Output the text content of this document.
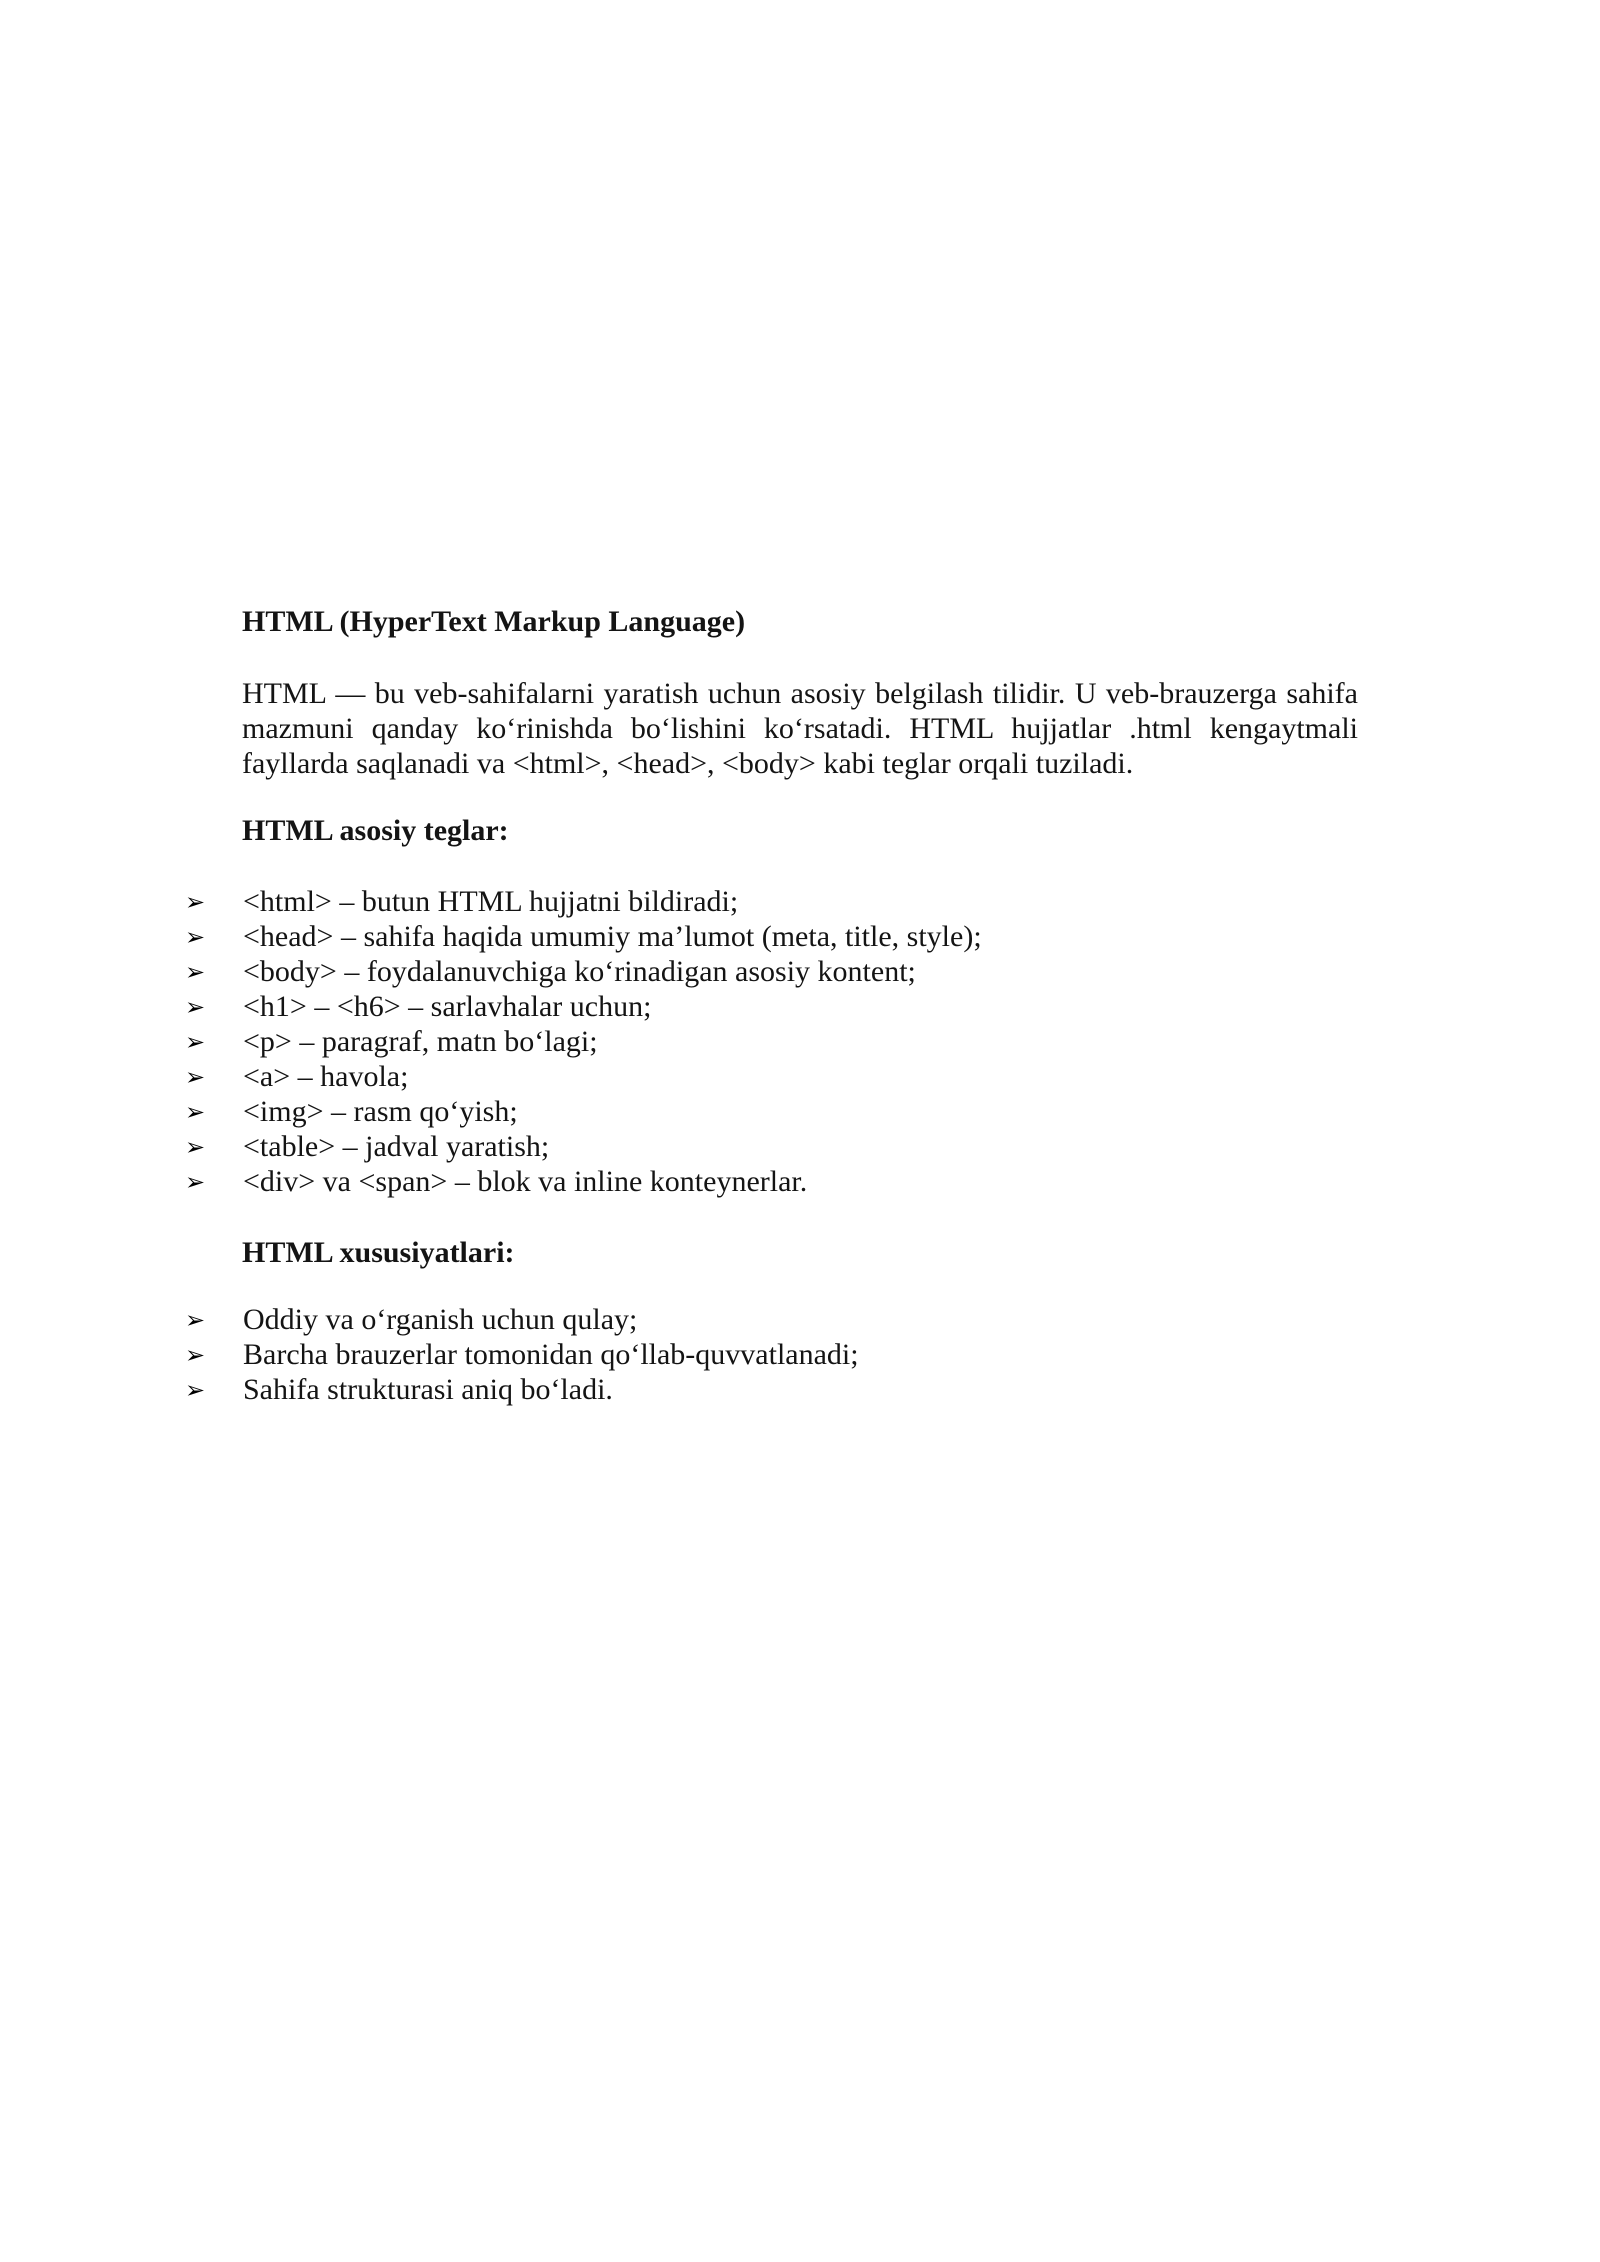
HTML (HyperText Markup Language)
HTML — bu veb-sahifalarni yaratish uchun asosiy belgilash tilidir. U veb-brauzerga sahifa
mazmuni qanday ko‘rinishda bo‘lishini ko‘rsatadi. HTML hujjatlar .html kengaytmali
fayllarda saqlanadi va <html>, <head>, <body> kabi teglar orqali tuziladi.
HTML asosiy teglar:
➢ <html> – butun HTML hujjatni bildiradi;
➢ <head> – sahifa haqida umumiy ma’lumot (meta, title, style);
➢ <body> – foydalanuvchiga ko‘rinadigan asosiy kontent;
➢ <h1> – <h6> – sarlavhalar uchun;
➢ <p> – paragraf, matn bo‘lagi;
➢ <a> – havola;
➢ <img> – rasm qo‘yish;
➢ <table> – jadval yaratish;
➢ <div> va <span> – blok va inline konteynerlar.
HTML xususiyatlari:
➢ Oddiy va o‘rganish uchun qulay;
➢ Barcha brauzerlar tomonidan qo‘llab-quvvatlanadi;
➢ Sahifa strukturasi aniq bo‘ladi.
